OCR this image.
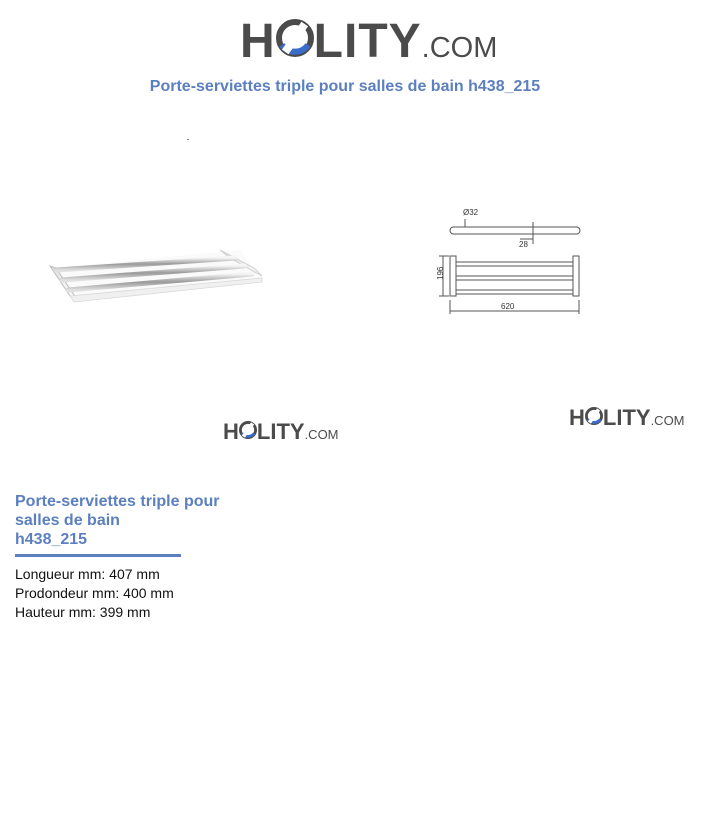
H LITY .COM
Porte-serviettes triple pour salles de bain h438_215
Ø32
28
196
620
H LITY .COM
H LITY .COM
Porte-serviettes triple pour
salles de bain
h438_215
Longueur mm: 407 mm
Prodondeur mm: 400 mm
Hauteur mm: 399 mm
